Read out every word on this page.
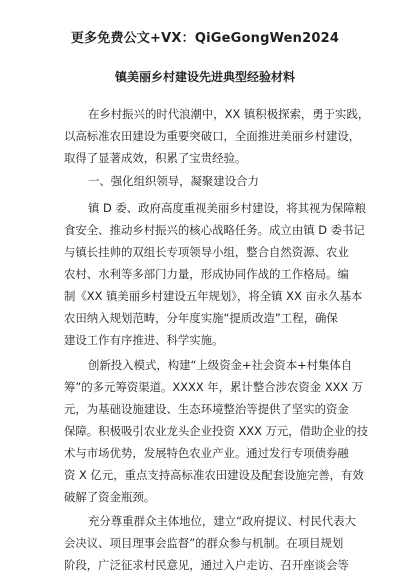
更多免费公文+VX：QiGeGongWen2024
镇美丽乡村建设先进典型经验材料
在乡村振兴的时代浪潮中，XX 镇积极探索，勇于实践，
以高标准农田建设为重要突破口，全面推进美丽乡村建设，
取得了显著成效，积累了宝贵经验。
一、强化组织领导，凝聚建设合力
镇 D 委、政府高度重视美丽乡村建设，将其视为保障粮
食安全、推动乡村振兴的核心战略任务。成立由镇 D 委书记
与镇长挂帅的双组长专项领导小组，整合自然资源、农业
农村、水利等多部门力量，形成协同作战的工作格局。编
制《XX 镇美丽乡村建设五年规划》，将全镇 XX 亩永久基本
农田纳入规划范畴，分年度实施“提质改造”工程，确保
建设工作有序推进、科学实施。
创新投入模式，构建“上级资金+社会资本+村集体自
筹”的多元筹资渠道。XXXX 年，累计整合涉农资金 XXX 万
元，为基础设施建设、生态环境整治等提供了坚实的资金
保障。积极吸引农业龙头企业投资 XXX 万元，借助企业的技
术与市场优势，发展特色农业产业。通过发行专项债券融
资 X 亿元，重点支持高标准农田建设及配套设施完善，有效
破解了资金瓶颈。
充分尊重群众主体地位，建立“政府提议、村民代表大
会决议、项目理事会监督”的群众参与机制。在项目规划
阶段，广泛征求村民意见，通过入户走访、召开座谈会等
